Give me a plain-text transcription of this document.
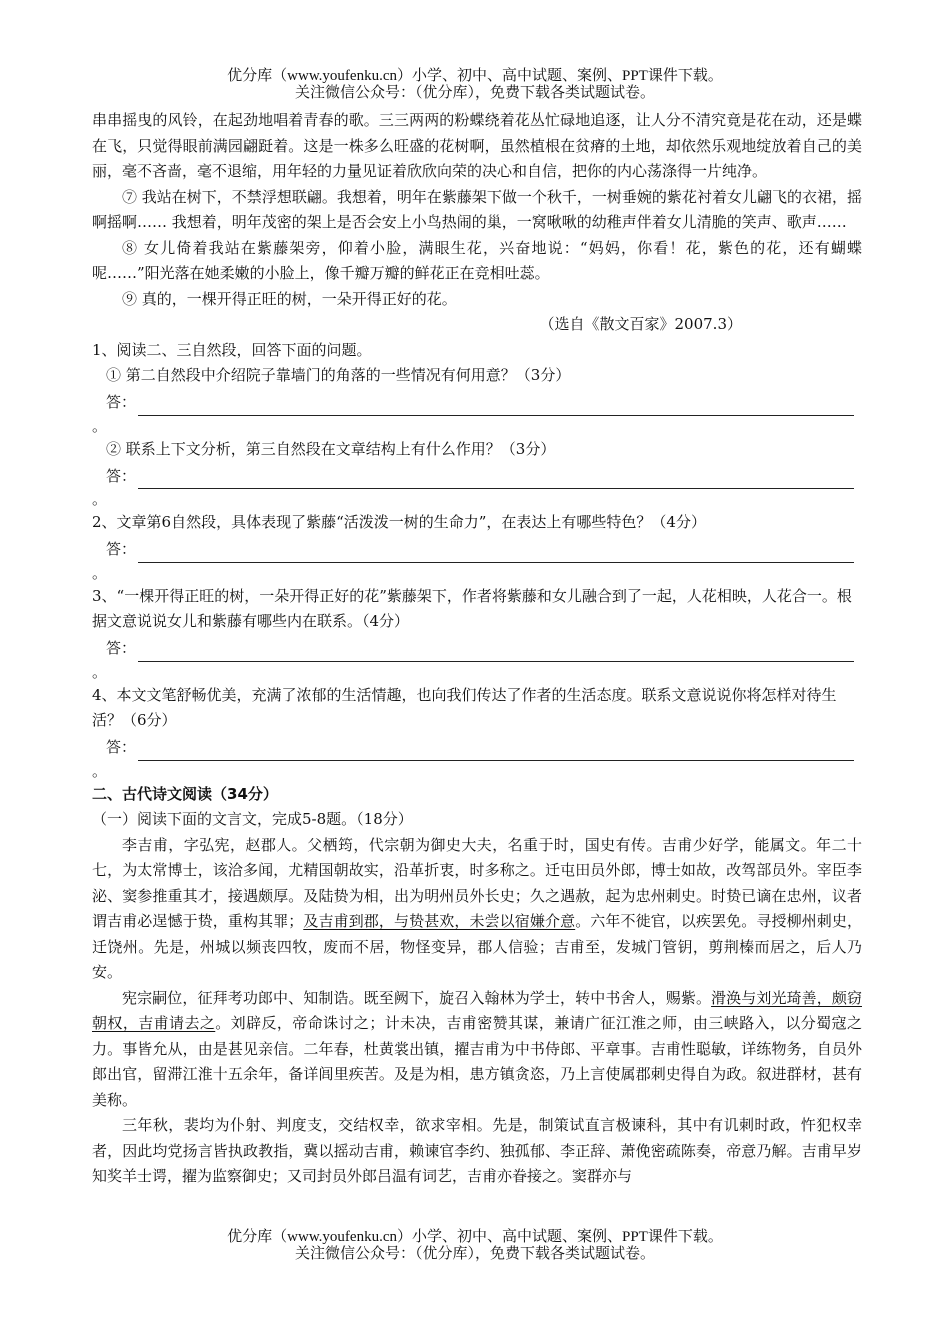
优分库（www.youfenku.cn）小学、初中、高中试题、案例、PPT课件下载。
关注微信公众号：（优分库），免费下载各类试题试卷。

串串摇曳的风铃，在起劲地唱着青春的歌。三三两两的粉蝶绕着花丛忙碌地追逐，让人分不清究竟是花在动，还是蝶在飞，只觉得眼前满园翩跹着。这是一株多么旺盛的花树啊，虽然植根在贫瘠的土地，却依然乐观地绽放着自己的美丽，毫不吝啬，毫不退缩，用年轻的力量见证着欣欣向荣的决心和自信，把你的内心荡涤得一片纯净。

⑦ 我站在树下，不禁浮想联翩。我想着，明年在紫藤架下做一个秋千，一树垂婉的紫花衬着女儿翩飞的衣裙，摇啊摇啊…… 我想着，明年茂密的架上是否会安上小鸟热闹的巢，一窝啾啾的幼稚声伴着女儿清脆的笑声、歌声……

⑧ 女儿倚着我站在紫藤架旁，仰着小脸，满眼生花，兴奋地说：“妈妈，你看！花，紫色的花，还有蝴蝶呢……”阳光落在她柔嫩的小脸上，像千瓣万瓣的鲜花正在竞相吐蕊。

⑨ 真的，一棵开得正旺的树，一朵开得正好的花。

（选自《散文百家》2007.3）

1、阅读二、三自然段，回答下面的问题。

① 第二自然段中介绍院子靠墙门的角落的一些情况有何用意？（3分）

答：

。

② 联系上下文分析，第三自然段在文章结构上有什么作用？（3分）

答：

。

2、文章第6自然段，具体表现了紫藤“活泼泼一树的生命力”，在表达上有哪些特色？（4分）

答：

。

3、“一棵开得正旺的树，一朵开得正好的花”紫藤架下，作者将紫藤和女儿融合到了一起，人花相映，人花合一。根据文意说说女儿和紫藤有哪些内在联系。（4分）

答：

。

4、本文文笔舒畅优美，充满了浓郁的生活情趣，也向我们传达了作者的生活态度。联系文意说说你将怎样对待生活？（6分）

答：

。

二、古代诗文阅读（34分）

（一）阅读下面的文言文，完成5-8题。（18分）

李吉甫，字弘宪，赵郡人。父栖筠，代宗朝为御史大夫，名重于时，国史有传。吉甫少好学，能属文。年二十七，为太常博士，该洽多闻，尤精国朝故实，沿革折衷，时多称之。迁屯田员外郎，博士如故，改驾部员外。宰臣李泌、窦参推重其才，接遇颇厚。及陆贽为相，出为明州员外长史；久之遇赦，起为忠州刺史。时贽已谪在忠州，议者谓吉甫必逞憾于贽，重构其罪；及吉甫到郡，与贽甚欢，未尝以宿嫌介意。六年不徙官，以疾罢免。寻授柳州刺史，迁饶州。先是，州城以频丧四牧，废而不居，物怪变异，郡人信验；吉甫至，发城门管钥，剪荆榛而居之，后人乃安。

宪宗嗣位，征拜考功郎中、知制诰。既至阙下，旋召入翰林为学士，转中书舍人，赐紫。滑涣与刘光琦善，颇窃朝权，吉甫请去之。刘辟反，帝命诛讨之；计未决，吉甫密赞其谋，兼请广征江淮之师，由三峡路入，以分蜀寇之力。事皆允从，由是甚见亲信。二年春，杜黄裳出镇，擢吉甫为中书侍郎、平章事。吉甫性聪敏，详练物务，自员外郎出官，留滞江淮十五余年，备详闾里疾苦。及是为相，患方镇贪恣，乃上言使属郡刺史得自为政。叙进群材，甚有美称。

三年秋，裴均为仆射、判度支，交结权幸，欲求宰相。先是，制策试直言极谏科，其中有讥刺时政，忤犯权幸者，因此均党扬言皆执政教指，冀以摇动吉甫，赖谏官李约、独孤郁、李正辞、萧俛密疏陈奏，帝意乃解。吉甫早岁知奖羊士谔，擢为监察御史；又司封员外郎吕温有词艺，吉甫亦眷接之。窦群亦与

优分库（www.youfenku.cn）小学、初中、高中试题、案例、PPT课件下载。
关注微信公众号：（优分库），免费下载各类试题试卷。
